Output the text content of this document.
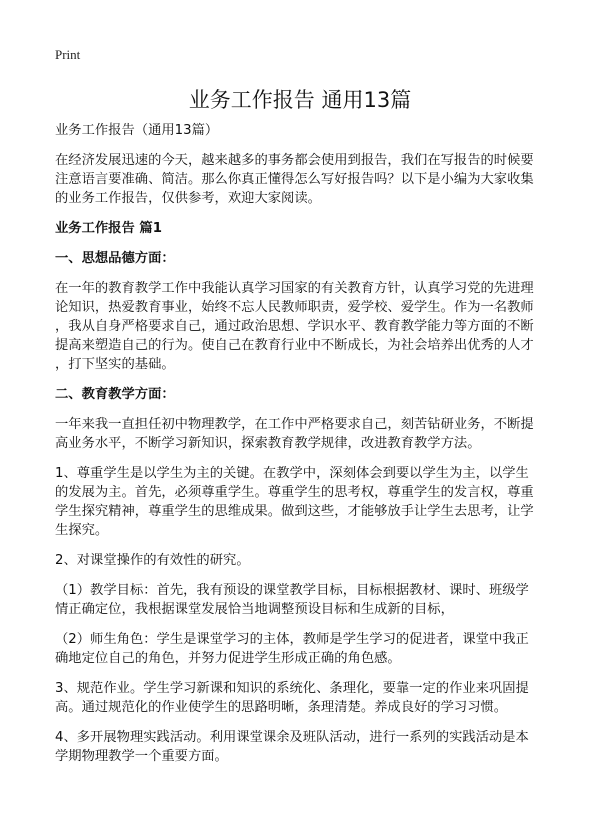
Print
业务工作报告 通用13篇

业务工作报告（通用13篇）

在经济发展迅速的今天，越来越多的事务都会使用到报告，我们在写报告的时候要
注意语言要准确、简洁。那么你真正懂得怎么写好报告吗？以下是小编为大家收集
的业务工作报告，仅供参考，欢迎大家阅读。

业务工作报告 篇1

一、思想品德方面：

在一年的教育教学工作中我能认真学习国家的有关教育方针，认真学习党的先进理
论知识，热爱教育事业，始终不忘人民教师职责，爱学校、爱学生。作为一名教师
，我从自身严格要求自己，通过政治思想、学识水平、教育教学能力等方面的不断
提高来塑造自己的行为。使自己在教育行业中不断成长，为社会培养出优秀的人才
，打下坚实的基础。

二、教育教学方面：

一年来我一直担任初中物理教学，在工作中严格要求自己，刻苦钻研业务，不断提
高业务水平，不断学习新知识，探索教育教学规律，改进教育教学方法。

1、尊重学生是以学生为主的关键。在教学中，深刻体会到要以学生为主，以学生
的发展为主。首先，必须尊重学生。尊重学生的思考权，尊重学生的发言权，尊重
学生探究精神，尊重学生的思维成果。做到这些，才能够放手让学生去思考，让学
生探究。

2、对课堂操作的有效性的研究。

（1）教学目标：首先，我有预设的课堂教学目标，目标根据教材、课时、班级学
情正确定位，我根据课堂发展恰当地调整预设目标和生成新的目标，

（2）师生角色：学生是课堂学习的主体，教师是学生学习的促进者，课堂中我正
确地定位自己的角色，并努力促进学生形成正确的角色感。

3、规范作业。学生学习新课和知识的系统化、条理化，要靠一定的作业来巩固提
高。通过规范化的作业使学生的思路明晰，条理清楚。养成良好的学习习惯。

4、多开展物理实践活动。利用课堂课余及班队活动，进行一系列的实践活动是本
学期物理教学一个重要方面。
